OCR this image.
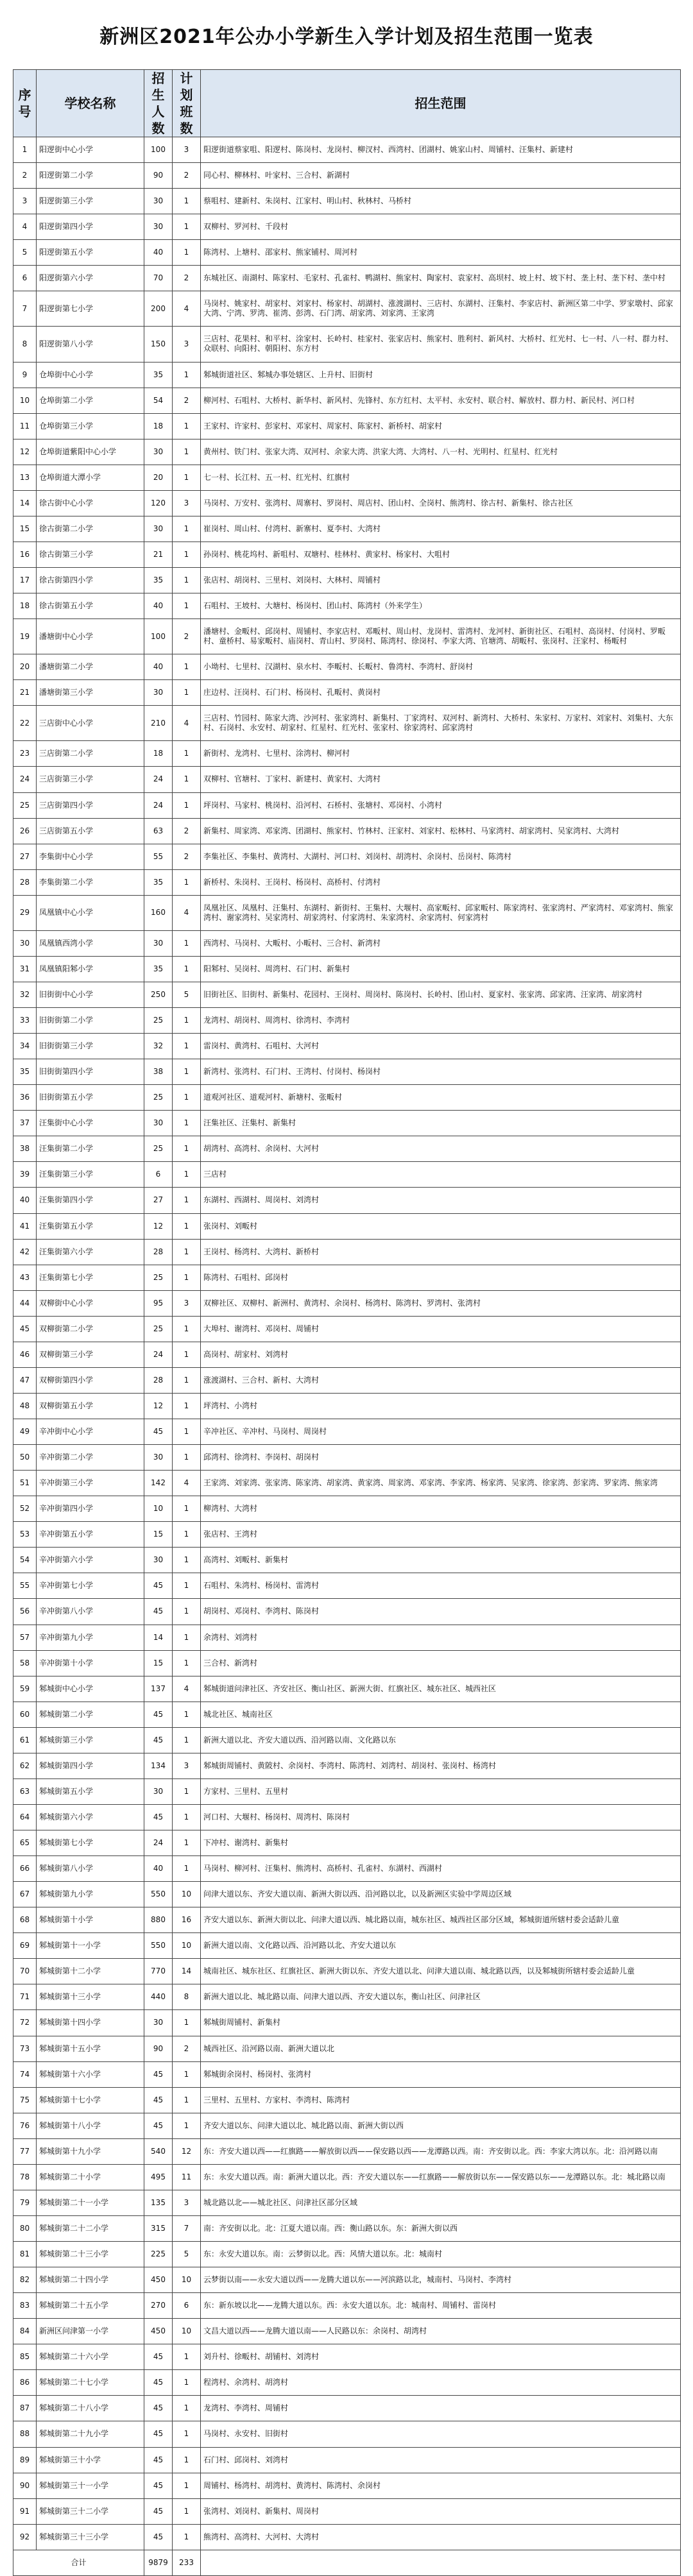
新洲区2021年公办小学新生入学计划及招生范围一览表
序号	学校名称	招生人数	计划班数	招生范围
1	阳逻街中心小学	100	3	阳逻街道蔡家咀、阳逻村、陈岗村、龙岗村、柳汊村、西湾村、团湖村、姚家山村、周铺村、汪集村、新建村
2	阳逻街第二小学	90	2	同心村、柳林村、叶家村、三合村、新湖村
3	阳逻街第三小学	30	1	蔡咀村、建新村、朱岗村、江家村、明山村、秋林村、马桥村
4	阳逻街第四小学	30	1	双柳村、罗河村、千段村
5	阳逻街第五小学	40	1	陈湾村、上塘村、邵家村、熊家铺村、周河村
6	阳逻街第六小学	70	2	东城社区、南湖村、陈家村、毛家村、孔雀村、鸭湖村、熊家村、陶家村、袁家村、高坝村、坡上村、坡下村、垄上村、垄下村、垄中村
7	阳逻街第七小学	200	4	马岗村、姚家村、胡家村、刘家村、杨家村、胡湖村、涨渡湖村、三店村、东湖村、汪集村、李家店村、新洲区第二中学、罗家墩村、邱家大湾、宁湾、罗湾、崔湾、彭湾、石门湾、胡家湾、刘家湾、王家湾
8	阳逻街第八小学	150	3	三店村、花果村、和平村、涂家村、长岭村、桂家村、张家店村、熊家村、胜利村、新风村、大桥村、红光村、七一村、八一村、群力村、众联村、向阳村、朝阳村、东方村
9	仓埠街中心小学	35	1	邾城街道社区、邾城办事处辖区、上升村、旧街村
10	仓埠街第二小学	54	2	柳河村、石咀村、大桥村、新华村、新风村、先锋村、东方红村、太平村、永安村、联合村、解放村、群力村、新民村、河口村
11	仓埠街第三小学	18	1	王家村、许家村、彭家村、邓家村、周家村、陈家村、新桥村、胡家村
12	仓埠街道紫阳中心小学	30	1	黄州村、铁门村、张家大湾、双河村、余家大湾、洪家大湾、大湾村、八一村、光明村、红星村、红光村
13	仓埠街道大潭小学	20	1	七一村、长江村、五一村、红光村、红旗村
14	徐古街中心小学	120	3	马岗村、万安村、张湾村、周寨村、罗岗村、周店村、团山村、全岗村、熊湾村、徐古村、新集村、徐古社区
15	徐古街第二小学	30	1	崔岗村、周山村、付湾村、新寨村、夏李村、大湾村
16	徐古街第三小学	21	1	孙岗村、桃花坞村、新咀村、双塘村、桂林村、黄家村、杨家村、大咀村
17	徐古街第四小学	35	1	张店村、胡岗村、三里村、刘岗村、大林村、周铺村
18	徐古街第五小学	40	1	石咀村、王坡村、大塘村、杨岗村、团山村、陈湾村（外来学生）
19	潘塘街中心小学	100	2	潘塘村、金畈村、邱岗村、周铺村、李家店村、邓畈村、周山村、龙岗村、雷湾村、龙河村、新街社区、石咀村、高岗村、付岗村、罗畈村、童桥村、易家畈村、庙岗村、青山村、罗岗村、陈湾村、徐岗村、李家大湾、官塘湾、胡畈村、张岗村、汪家村、杨畈村
20	潘塘街第二小学	40	1	小坳村、七里村、汉湖村、泉水村、李畈村、长畈村、鲁湾村、李湾村、舒岗村
21	潘塘街第三小学	30	1	庄边村、汪岗村、石门村、杨岗村、孔畈村、黄岗村
22	三店街中心小学	210	4	三店村、竹园村、陈家大湾、沙河村、张家湾村、新集村、丁家湾村、双河村、新湾村、大桥村、朱家村、万家村、刘家村、刘集村、大东村、石岗村、永安村、胡家村、红星村、红光村、张家村、徐家湾村、邱家湾村
23	三店街第二小学	18	1	新街村、龙湾村、七里村、涂湾村、柳河村
24	三店街第三小学	24	1	双柳村、官塘村、丁家村、新建村、黄家村、大湾村
25	三店街第四小学	24	1	坪岗村、马家村、桃岗村、沿河村、石桥村、张塘村、邓岗村、小湾村
26	三店街第五小学	63	2	新集村、周家湾、邓家湾、团湖村、熊家村、竹林村、汪家村、刘家村、松林村、马家湾村、胡家湾村、吴家湾村、大湾村
27	李集街中心小学	55	2	李集社区、李集村、黄湾村、大湖村、河口村、刘岗村、胡湾村、余岗村、岳岗村、陈湾村
28	李集街第二小学	35	1	新桥村、朱岗村、王岗村、杨岗村、高桥村、付湾村
29	凤凰镇中心小学	160	4	凤凰社区、凤凰村、汪集村、东湖村、新街村、王集村、大堰村、高家畈村、邱家畈村、陈家湾村、张家湾村、严家湾村、邓家湾村、熊家湾村、谢家湾村、吴家湾村、胡家湾村、付家湾村、朱家湾村、余家湾村、何家湾村
30	凤凰镇西湾小学	30	1	西湾村、马岗村、大畈村、小畈村、三合村、新湾村
31	凤凰镇阳邾小学	35	1	阳邾村、吴岗村、周湾村、石门村、新集村
32	旧街街中心小学	250	5	旧街社区、旧街村、新集村、花园村、王岗村、周岗村、陈岗村、长岭村、团山村、夏家村、张家湾、邱家湾、汪家湾、胡家湾村
33	旧街街第二小学	25	1	龙湾村、胡岗村、周湾村、徐湾村、李湾村
34	旧街街第三小学	32	1	雷岗村、黄湾村、石咀村、大河村
35	旧街街第四小学	38	1	新湾村、张湾村、石门村、王湾村、付岗村、杨岗村
36	旧街街第五小学	25	1	道观河社区、道观河村、新塘村、张畈村
37	汪集街中心小学	30	1	汪集社区、汪集村、新集村
38	汪集街第二小学	25	1	胡湾村、高湾村、余岗村、大河村
39	汪集街第三小学	6	1	三店村
40	汪集街第四小学	27	1	东湖村、西湖村、周岗村、刘湾村
41	汪集街第五小学	12	1	张岗村、刘畈村
42	汪集街第六小学	28	1	王岗村、杨湾村、大湾村、新桥村
43	汪集街第七小学	25	1	陈湾村、石咀村、邱岗村
44	双柳街中心小学	95	3	双柳社区、双柳村、新洲村、黄湾村、余岗村、杨湾村、陈湾村、罗湾村、张湾村
45	双柳街第二小学	25	1	大埠村、谢湾村、邓岗村、周铺村
46	双柳街第三小学	24	1	高岗村、胡家村、刘湾村
47	双柳街第四小学	28	1	涨渡湖村、三合村、新村、大湾村
48	双柳街第五小学	12	1	坪湾村、小湾村
49	辛冲街中心小学	45	1	辛冲社区、辛冲村、马岗村、周岗村
50	辛冲街第二小学	30	1	邱湾村、徐湾村、李岗村、胡岗村
51	辛冲街第三小学	142	4	王家湾、刘家湾、张家湾、陈家湾、胡家湾、黄家湾、周家湾、邓家湾、李家湾、杨家湾、吴家湾、徐家湾、彭家湾、罗家湾、熊家湾
52	辛冲街第四小学	10	1	柳湾村、大湾村
53	辛冲街第五小学	15	1	张店村、王湾村
54	辛冲街第六小学	30	1	高湾村、刘畈村、新集村
55	辛冲街第七小学	45	1	石咀村、朱湾村、杨岗村、雷湾村
56	辛冲街第八小学	45	1	胡岗村、邓岗村、李湾村、陈岗村
57	辛冲街第九小学	14	1	余湾村、刘湾村
58	辛冲街第十小学	15	1	三合村、新湾村
59	邾城街中心小学	137	4	邾城街道问津社区、齐安社区、衡山社区、新洲大街、红旗社区、城东社区、城西社区
60	邾城街第二小学	45	1	城北社区、城南社区
61	邾城街第三小学	45	1	新洲大道以北、齐安大道以西、沿河路以南、文化路以东
62	邾城街第四小学	134	3	邾城街周铺村、黄陂村、余岗村、李湾村、陈湾村、刘湾村、胡岗村、张岗村、杨湾村
63	邾城街第五小学	30	1	方家村、三里村、五里村
64	邾城街第六小学	45	1	河口村、大堰村、杨岗村、周湾村、陈岗村
65	邾城街第七小学	24	1	下冲村、谢湾村、新集村
66	邾城街第八小学	40	1	马岗村、柳河村、汪集村、熊湾村、高桥村、孔雀村、东湖村、西湖村
67	邾城街第九小学	550	10	问津大道以东、齐安大道以南、新洲大街以西、沿河路以北，以及新洲区实验中学周边区域
68	邾城街第十小学	880	16	齐安大道以东、新洲大街以北、问津大道以西、城北路以南，城东社区、城西社区部分区域，邾城街道所辖村委会适龄儿童
69	邾城街第十一小学	550	10	新洲大道以南、文化路以西、沿河路以北、齐安大道以东
70	邾城街第十二小学	770	14	城南社区、城东社区、红旗社区、新洲大街以东、齐安大道以北、问津大道以南、城北路以西，以及邾城街所辖村委会适龄儿童
71	邾城街第十三小学	440	8	新洲大道以北、城北路以南、问津大道以西、齐安大道以东，衡山社区、问津社区
72	邾城街第十四小学	30	1	邾城街周铺村、新集村
73	邾城街第十五小学	90	2	城西社区、沿河路以南、新洲大道以北
74	邾城街第十六小学	45	1	邾城街余岗村、杨岗村、张湾村
75	邾城街第十七小学	45	1	三里村、五里村、方家村、李湾村、陈湾村
76	邾城街第十八小学	45	1	齐安大道以东、问津大道以北、城北路以南、新洲大街以西
77	邾城街第十九小学	540	12	东：齐安大道以西——红旗路——解放街以西——保安路以西——龙潭路以西。南：齐安街以北。西：李家大湾以东。北：沿河路以南
78	邾城街第二十小学	495	11	东：永安大道以西。南：新洲大道以北。西：齐安大道以东——红旗路——解放街以东——保安路以东——龙潭路以东。北：城北路以南
79	邾城街第二十一小学	135	3	城北路以北——城北社区、问津社区部分区域
80	邾城街第二十二小学	315	7	南：齐安街以北。北：江夏大道以南。西：衡山路以东。东：新洲大街以西
81	邾城街第二十三小学	225	5	东：永安大道以东。南：云梦街以北。西：风情大道以东。北：城南村
82	邾城街第二十四小学	450	10	云梦街以南——永安大道以西——龙腾大道以东——河滨路以北，城南村、马岗村、李湾村
83	邾城街第二十五小学	270	6	东：新东坡以北——龙腾大道以东。西：永安大道以东。北：城南村、周铺村、雷岗村
84	新洲区问津第一小学	450	10	文昌大道以西——龙腾大道以南——人民路以东：余岗村、胡湾村
85	邾城街第二十六小学	45	1	刘升村、徐畈村、胡铺村、刘湾村
86	邾城街第二十七小学	45	1	程湾村、余湾村、胡湾村
87	邾城街第二十八小学	45	1	龙湾村、李湾村、周铺村
88	邾城街第二十九小学	45	1	马岗村、永安村、旧街村
89	邾城街第三十小学	45	1	石门村、邱岗村、刘湾村
90	邾城街第三十一小学	45	1	周铺村、杨湾村、胡湾村、黄湾村、陈湾村、余岗村
91	邾城街第三十二小学	45	1	张湾村、刘岗村、新集村、周岗村
92	邾城街第三十三小学	45	1	熊湾村、高湾村、大河村、大湾村
合计		9879	233	
